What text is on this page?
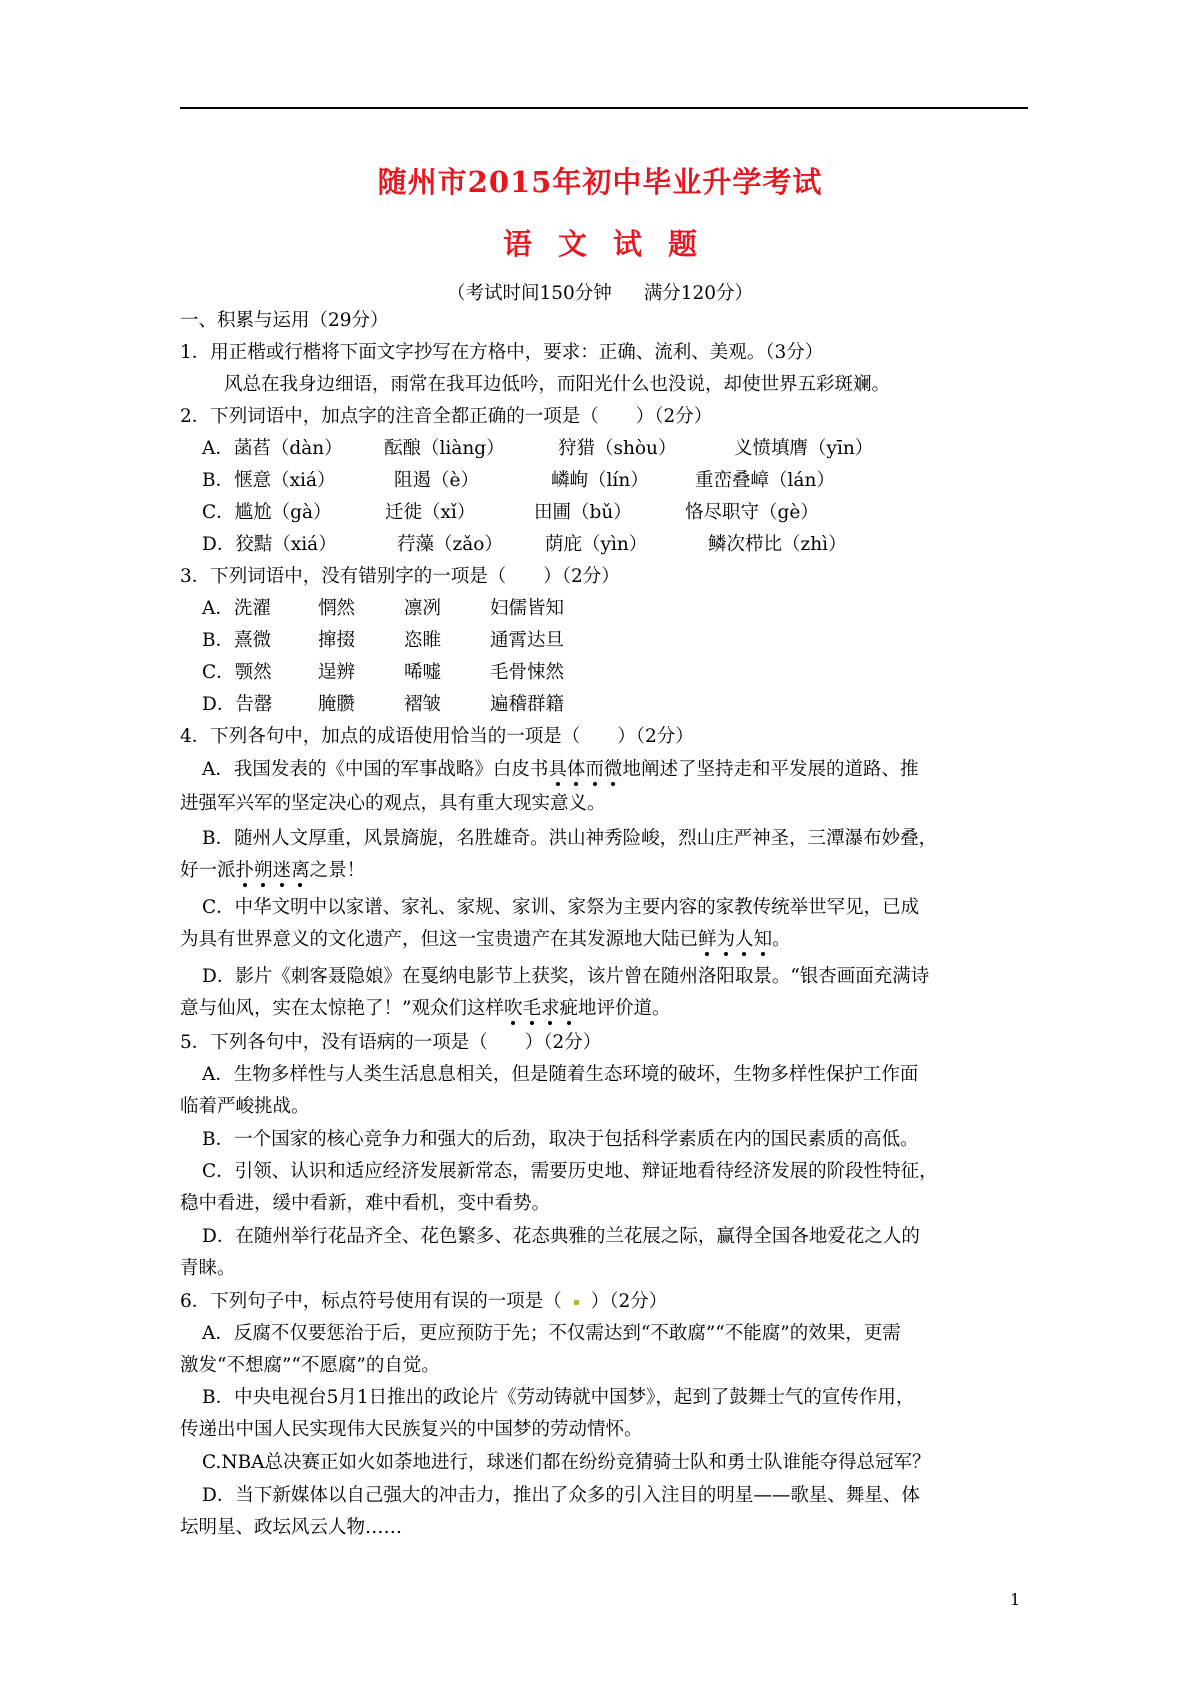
随州市2015年初中毕业升学考试
语文试题
（考试时间150分钟 满分120分）
一、积累与运用（29分）
1．用正楷或行楷将下面文字抄写在方格中，要求：正确、流利、美观。（3分）
风总在我身边细语，雨常在我耳边低吟，而阳光什么也没说，却使世界五彩斑斓。
2．下列词语中，加点字的注音全都正确的一项是（　　）（2分）
A．菡萏（dàn） 酝酿（liàng）	狩猎（shòu）	义愤填膺（yīn）
B．惬意（xiá）	阻遏（è）	嶙峋（lín）	重峦叠嶂（lán）
C．尴尬（gà）	迁徙（xǐ）	田圃（bǔ）	恪尽职守（gè）
D．狡黠（xiá）	荇藻（zǎo） 荫庇（yìn）	鳞次栉比（zhì）
3．下列词语中，没有错别字的一项是（　　）（2分）
A．洗濯	惘然	凛冽	妇儒皆知
B．熹微	撺掇	恣睢	通霄达旦
C．颚然	逞辨	唏嘘	毛骨悚然
D．告罄 腌臜	褶皱	遍稽群籍
4．下列各句中，加点的成语使用恰当的一项是（　　）（2分）
A．我国发表的《中国的军事战略》白皮书具体而微地阐述了坚持走和平发展的道路、推
进强军兴军的坚定决心的观点，具有重大现实意义。
B．随州人文厚重，风景旖旎，名胜雄奇。洪山神秀险峻，烈山庄严神圣，三潭瀑布妙叠，
好一派扑朔迷离之景！
C．中华文明中以家谱、家礼、家规、家训、家祭为主要内容的家教传统举世罕见，已成
为具有世界意义的文化遗产，但这一宝贵遗产在其发源地大陆已鲜为人知。
D．影片《刺客聂隐娘》在戛纳电影节上获奖，该片曾在随州洛阳取景。“银杏画面充满诗
意与仙风，实在太惊艳了！”观众们这样吹毛求疵地评价道。
5．下列各句中，没有语病的一项是（　　）（2分）
A．生物多样性与人类生活息息相关，但是随着生态环境的破坏，生物多样性保护工作面
临着严峻挑战。
B．一个国家的核心竞争力和强大的后劲，取决于包括科学素质在内的国民素质的高低。
C．引领、认识和适应经济发展新常态，需要历史地、辩证地看待经济发展的阶段性特征，
稳中看进，缓中看新，难中看机，变中看势。
D．在随州举行花品齐全、花色繁多、花态典雅的兰花展之际，赢得全国各地爱花之人的
青睐。
6．下列句子中，标点符号使用有误的一项是（ ）（2分）
A．反腐不仅要惩治于后，更应预防于先；不仅需达到“不敢腐”“不能腐”的效果，更需
激发“不想腐”“不愿腐”的自觉。
B．中央电视台5月1日推出的政论片《劳动铸就中国梦》，起到了鼓舞士气的宣传作用，
传递出中国人民实现伟大民族复兴的中国梦的劳动情怀。
C.NBA总决赛正如火如荼地进行，球迷们都在纷纷竞猜骑士队和勇士队谁能夺得总冠军？
D．当下新媒体以自己强大的冲击力，推出了众多的引入注目的明星——歌星、舞星、体
坛明星、政坛风云人物……
1
